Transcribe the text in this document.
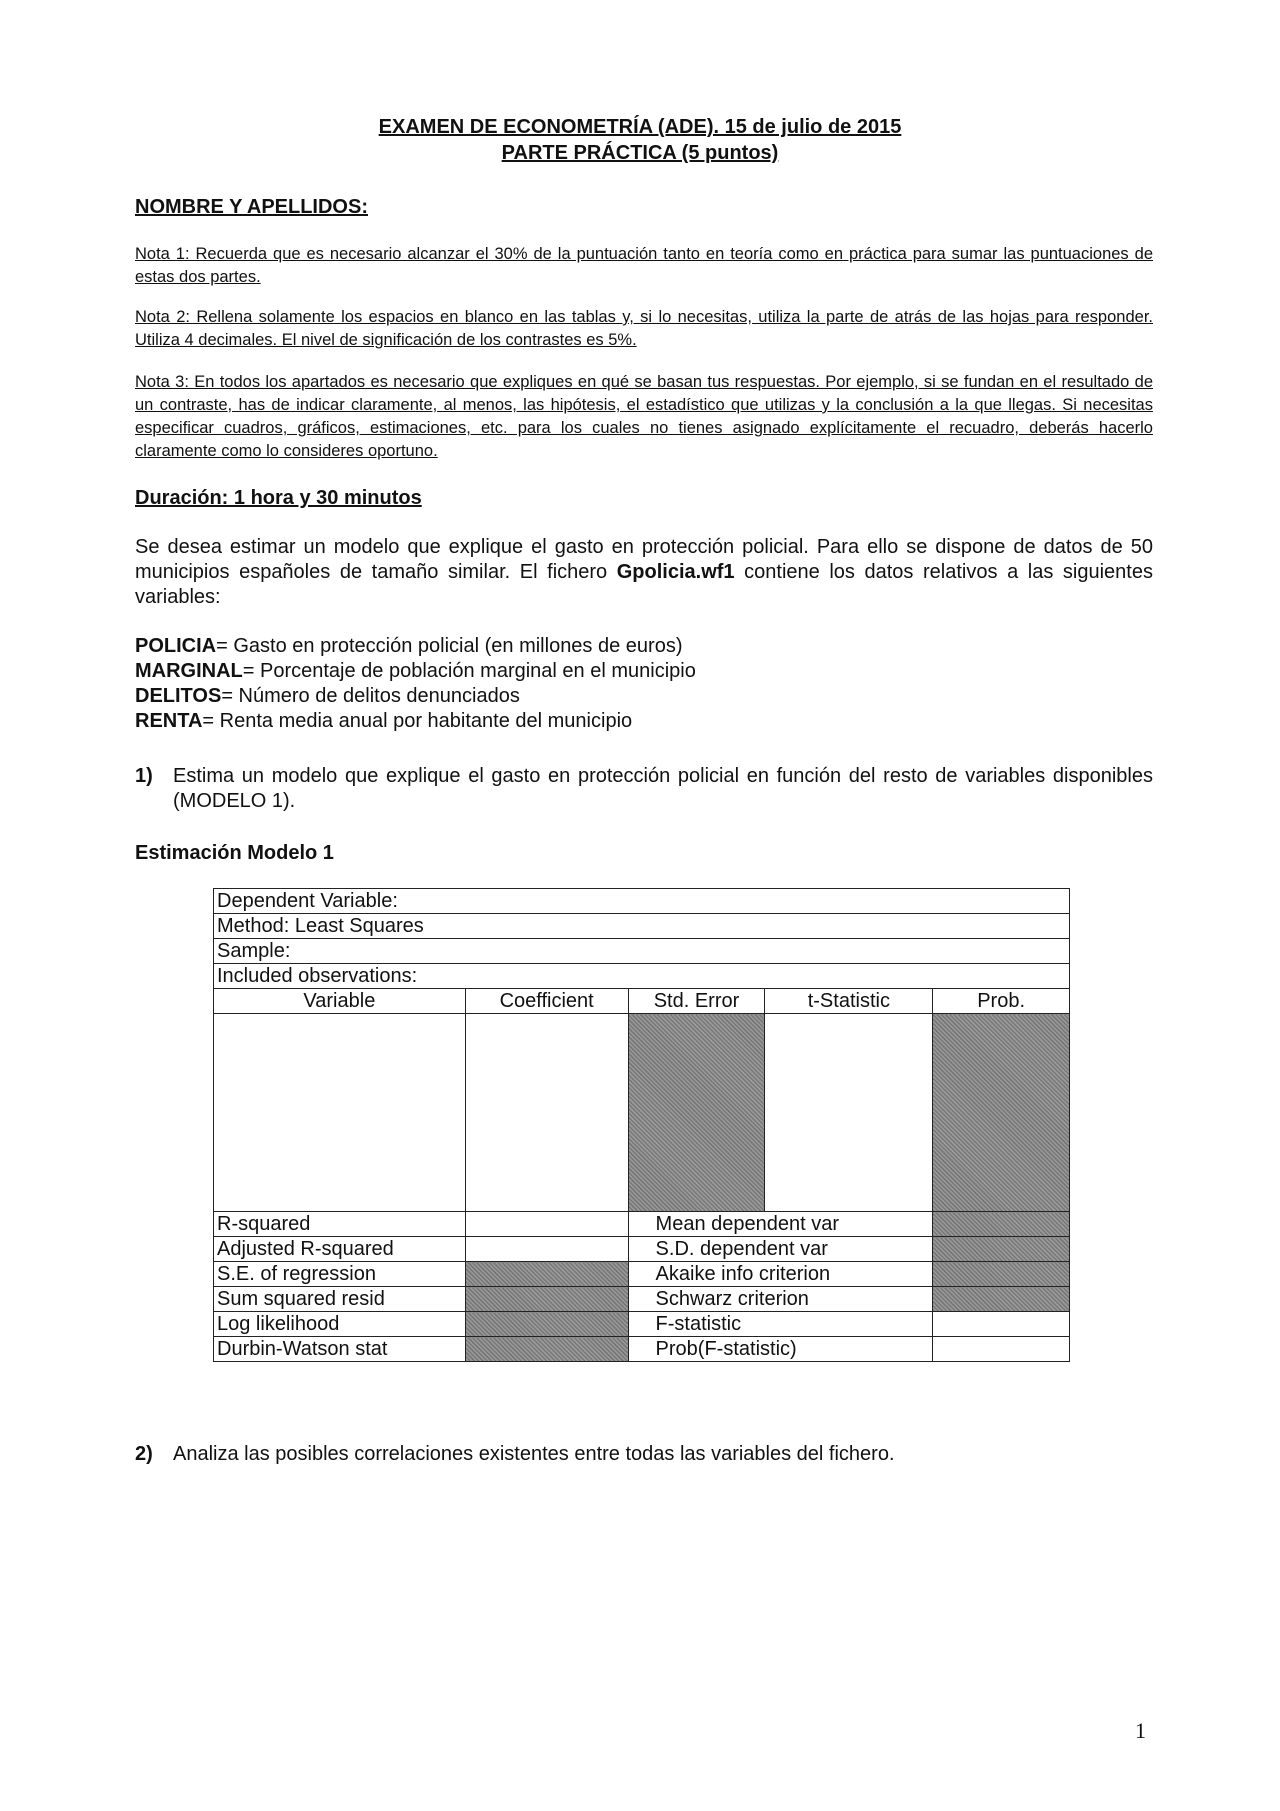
EXAMEN DE ECONOMETRÍA (ADE). 15 de julio de 2015
PARTE PRÁCTICA (5 puntos)
NOMBRE Y APELLIDOS:
Nota 1: Recuerda que es necesario alcanzar el 30% de la puntuación tanto en teoría como en práctica para sumar las puntuaciones de estas dos partes.
Nota 2: Rellena solamente los espacios en blanco en las tablas y, si lo necesitas, utiliza la parte de atrás de las hojas para responder. Utiliza 4 decimales. El nivel de significación de los contrastes es 5%.
Nota 3: En todos los apartados es necesario que expliques en qué se basan tus respuestas. Por ejemplo, si se fundan en el resultado de un contraste, has de indicar claramente, al menos, las hipótesis, el estadístico que utilizas y la conclusión a la que llegas. Si necesitas especificar cuadros, gráficos, estimaciones, etc. para los cuales no tienes asignado explícitamente el recuadro, deberás hacerlo claramente como lo consideres oportuno.
Duración: 1 hora y 30 minutos
Se desea estimar un modelo que explique el gasto en protección policial. Para ello se dispone de datos de 50 municipios españoles de tamaño similar. El fichero Gpolicia.wf1 contiene los datos relativos a las siguientes variables:
POLICIA= Gasto en protección policial (en millones de euros)
MARGINAL= Porcentaje de población marginal en el municipio
DELITOS= Número de delitos denunciados
RENTA= Renta media anual por habitante del municipio
1) Estima un modelo que explique el gasto en protección policial en función del resto de variables disponibles (MODELO 1).
Estimación Modelo 1
Dependent Variable:				
Method: Least Squares				
Sample:				
Included observations:				
Variable	Coefficient	Std. Error	t-Statistic	Prob.

R-squared		Mean dependent var		
Adjusted R-squared		S.D. dependent var		
S.E. of regression		Akaike info criterion		
Sum squared resid		Schwarz criterion		
Log likelihood		F-statistic		
Durbin-Watson stat		Prob(F-statistic)		
2) Analiza las posibles correlaciones existentes entre todas las variables del fichero.
1
